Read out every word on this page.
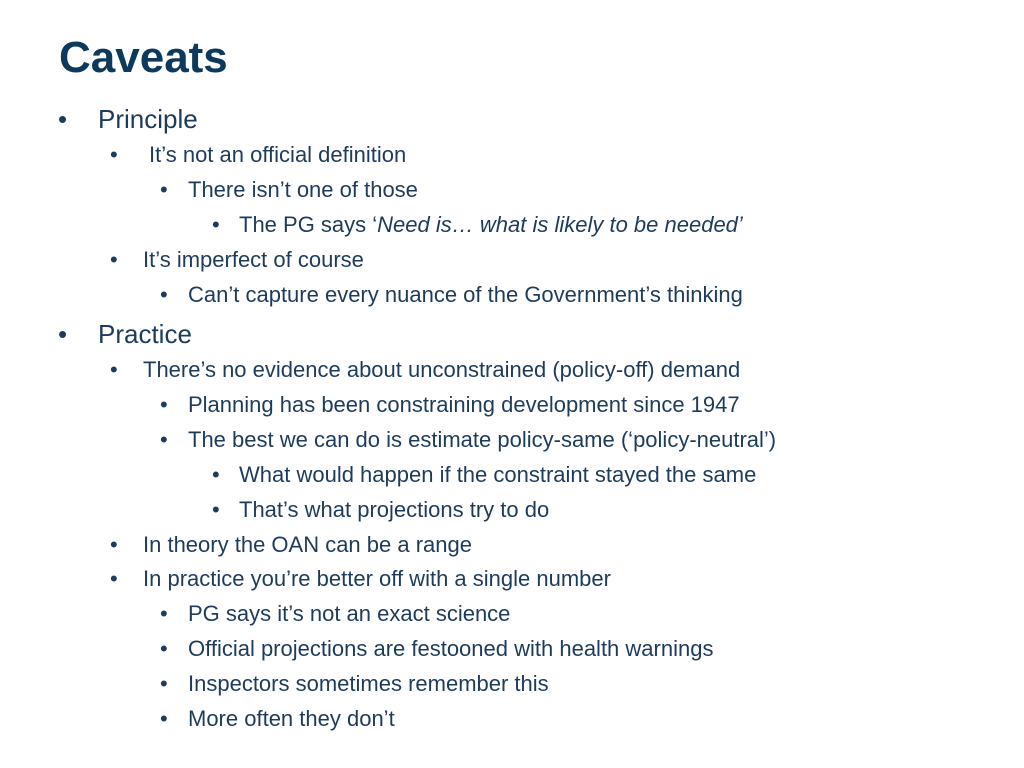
Caveats
• Principle
• It’s not an official definition
• There isn’t one of those
• The PG says ‘Need is… what is likely to be needed’
• It’s imperfect of course
• Can’t capture every nuance of the Government’s thinking
• Practice
• There’s no evidence about unconstrained (policy-off) demand
• Planning has been constraining development since 1947
• The best we can do is estimate policy-same (‘policy-neutral’)
• What would happen if the constraint stayed the same
• That’s what projections try to do
• In theory the OAN can be a range
• In practice you’re better off with a single number
• PG says it’s not an exact science
• Official projections are festooned with health warnings
• Inspectors sometimes remember this
• More often they don’t
